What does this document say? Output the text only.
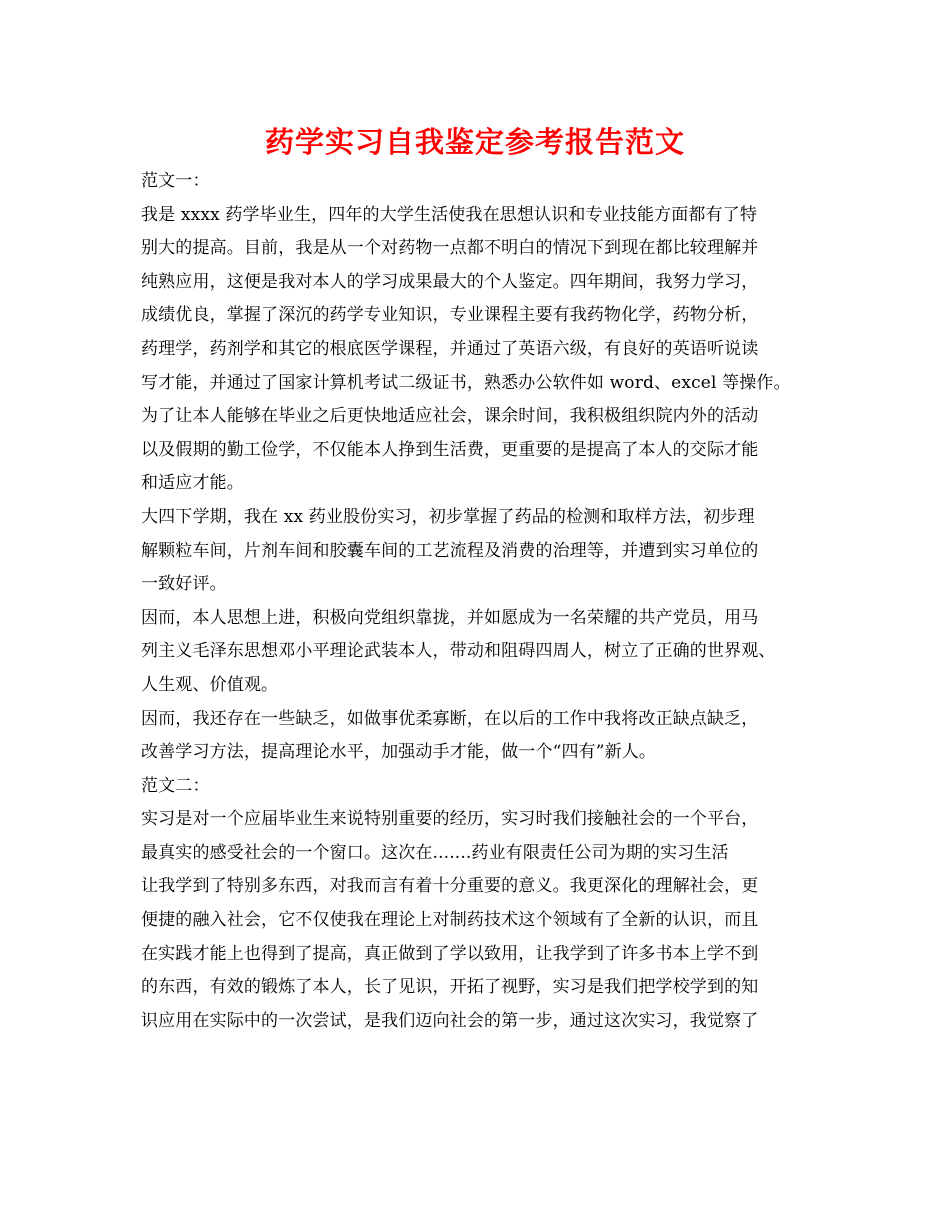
药学实习自我鉴定参考报告范文
范文一：
我是 xxxx 药学毕业生，四年的大学生活使我在思想认识和专业技能方面都有了特
别大的提高。目前，我是从一个对药物一点都不明白的情况下到现在都比较理解并
纯熟应用，这便是我对本人的学习成果最大的个人鉴定。四年期间，我努力学习，
成绩优良，掌握了深沉的药学专业知识，专业课程主要有我药物化学，药物分析，
药理学，药剂学和其它的根底医学课程，并通过了英语六级，有良好的英语听说读
写才能，并通过了国家计算机考试二级证书，熟悉办公软件如 word、excel 等操作。
为了让本人能够在毕业之后更快地适应社会，课余时间，我积极组织院内外的活动
以及假期的勤工俭学，不仅能本人挣到生活费，更重要的是提高了本人的交际才能
和适应才能。
大四下学期，我在 xx 药业股份实习，初步掌握了药品的检测和取样方法，初步理
解颗粒车间，片剂车间和胶囊车间的工艺流程及消费的治理等，并遭到实习单位的
一致好评。
因而，本人思想上进，积极向党组织靠拢，并如愿成为一名荣耀的共产党员，用马
列主义毛泽东思想邓小平理论武装本人，带动和阻碍四周人，树立了正确的世界观、
人生观、价值观。
因而，我还存在一些缺乏，如做事优柔寡断，在以后的工作中我将改正缺点缺乏，
改善学习方法，提高理论水平，加强动手才能，做一个“四有”新人。
范文二：
实习是对一个应届毕业生来说特别重要的经历，实习时我们接触社会的一个平台，
最真实的感受社会的一个窗口。这次在.......药业有限责任公司为期的实习生活
让我学到了特别多东西，对我而言有着十分重要的意义。我更深化的理解社会，更
便捷的融入社会，它不仅使我在理论上对制药技术这个领域有了全新的认识，而且
在实践才能上也得到了提高，真正做到了学以致用，让我学到了许多书本上学不到
的东西，有效的锻炼了本人，长了见识，开拓了视野，实习是我们把学校学到的知
识应用在实际中的一次尝试，是我们迈向社会的第一步，通过这次实习，我觉察了
